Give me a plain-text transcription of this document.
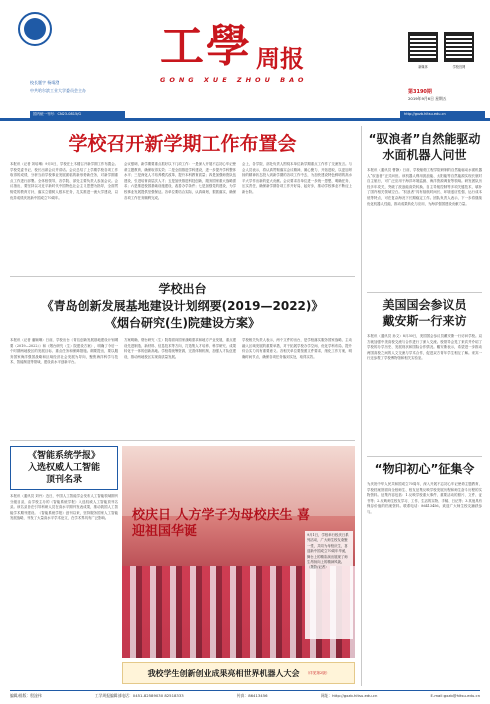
校长题字 杨靖澄
中共哈尔滨工业大学委员会主办
国内统一刊号：CN23-0815/G
工學 周报
GONG XUE ZHOU BAO
新媒体	学校官网
第3190期
2019年9月6日 星期五
http://gxzb.hitsu.edu.cn
学校召开新学期工作布置会
本报讯（记者 刘培琳）9月5日，学校在土木楼召开新学期工作布置会。学校党委书记、校长出席会议并讲话。会议总结了上学期学校各项工作取得的成绩，分析当前学校事业发展面临的新形势新任务，对新学期重点工作进行部署。全体校领导，各学院、部处主要负责人参加会议。会议指出，要坚持以习近平新时代中国特色社会主义思想为指导，全面贯彻党的教育方针，落实立德树人根本任务，扎实推进一流大学建设，以优异成绩庆祝新中国成立70周年。
会议强调，新学期要重点抓好以下几项工作：一是深入开展不忘初心牢记使命主题教育，确保取得实效；二是全面推进学科建设，进一步提升学科整体水平；三是深化人才培养模式改革，提升本科教育质量；四是加强师资队伍建设，引进培育高层次人才；五是加快推进科技创新，服务国家重大战略需求；六是推进校园基础设施建设，改善办学条件；七是加强党的建设，为学校事业发展提供坚强保证。各单位要结合实际，认真谋划，狠抓落实，确保各项工作任务顺利完成。
会上，各学院、部处负责人围绕本单位新学期重点工作作了交流发言。与会人员表示，将认真贯彻落实会议精神，凝心聚力、开拓进取，以更加昂扬的精神状态投入到新学期的各项工作中去，为加快建设特色鲜明的高水平大学作出新的更大贡献。会议要求各单位进一步统一思想、明确任务、压实责任，确保新学期各项工作开好局、起好步，推动学校事业不断迈上新台阶。
学校出台
《青岛创新发展基地建设计划纲要(2019—2022)》
《烟台研究(生)院建设方案》
本报讯（记者 潘婉琳）日前，学校出台《青岛创新发展基地建设计划纲要（2019—2022）》和《烟台研究（生）院建设方案》，明确了今后一个时期两地校区的发展目标、重点任务和保障措施。纲要提出，要以服务国家海洋强国战略和区域经济社会发展为导向，聚焦海洋科学与技术、智能制造等领域，建设高水平创新平台。
方案明确，烟台研究（生）院将面向国家战略需求和地方产业发展，重点建设先进制造、新材料、信息技术等方向，打造集人才培养、科学研究、成果转化于一体的创新高地。学校将统筹资源，完善体制机制，加强人才队伍建设，推动两地校区实现高质量发展。
学校相关负责人表示，两个文件的出台，是学校落实服务国家战略、主动融入区域发展的重要举措，对于拓展学校办学空间、优化学科布局、提升综合实力具有重要意义。各相关单位要按照文件要求，细化工作方案，明确时间节点，确保各项任务落到实处，取得实效。
《智能系统学报》
入选权威人工智能
顶刊名录
本报讯（通讯员 刘丹）近日，中国人工智能学会发布人工智能领域期刊分级目录，由学校主办的《智能系统学报》入选权威人工智能顶刊名录。该名录旨在引导科研人员在高水平期刊发表成果，推动我国人工智能学术期刊建设。《智能系统学报》创刊以来，坚持服务国家人工智能发展战略，刊发了大量高水平学术论文，在学术界具有广泛影响。	校庆日 人方学子为母校庆生 喜迎祖国华诞	9月1日，学校举行校庆日系列活动，广大师生校友欢聚一堂，共同为母校庆生，喜迎新中国成立70周年华诞，舞台上的精彩演出展现了师生昂扬向上的精神风貌。（摄影/记者）
我校学生创新创业成果亮相世界机器人大会 （详见第2版）
“驭浪者”自然能驱动
水面机器人问世
本报讯（通讯员 曹静）日前，学校船舶工程学院研制的自然能驱动水面机器人“驭浪者”正式问世。该机器人利用波浪能、太阳能等自然能源实现长航时自主航行，可广泛应用于海洋环境监测、海洋资源调查等领域。研发团队历经多年攻关，突破了波浪能高效转换、自主导航控制等多项关键技术，填补了国内相关领域空白。“驭浪者”具有续航时间长、环境适应性强、运行成本低等特点，可在复杂海况下长期稳定工作。团队负责人表示，下一步将继续优化机器人性能，推动成果转化与应用，为海洋强国建设贡献力量。
美国国会参议员
戴安斯一行来访
本报讯（通讯员 孙文）8月30日，美国国会参议员戴安斯一行访问学校。双方就加强中美高校交流与合作进行了深入交流。校领导会见了来宾并介绍了学校的办学历史、发展现状和国际合作情况。戴安斯表示，希望进一步推动两国高校之间的人文交流与学术合作，促进双方青年学生相互了解。来宾一行还参观了学校博物馆和相关实验室。
“物印初心”征集令
为庆祝中华人民共和国成立70周年，深入开展不忘初心牢记使命主题教育，学校档案馆面向全校师生、校友征集反映学校发展历程和师生奋斗历程的实物资料。征集内容包括：1.反映学校重大事件、重要活动的照片、文件、证书等；2.反映师生校友学习、工作、生活的实物、手稿、日记等；3.其他具有保存价值的档案资料。联系电话：86413456。欢迎广大师生校友踊跃参与。
编辑/排版：殷淦伟	工学周报编辑部电话：0451-82589030 82518333	传真：86413456	网址：http://gxzb.hitsu.edu.cn	E-mail:gxzb@hitsu.edu.cn
